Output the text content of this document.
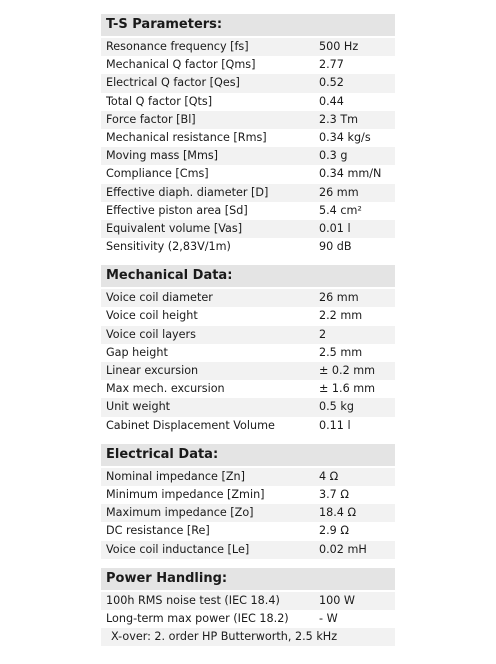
T-S Parameters:
Resonance frequency [fs]	500 Hz
Mechanical Q factor [Qms]	2.77
Electrical Q factor [Qes]	0.52
Total Q factor [Qts]	0.44
Force factor [Bl]	2.3 Tm
Mechanical resistance [Rms]	0.34 kg/s
Moving mass [Mms]	0.3 g
Compliance [Cms]	0.34 mm/N
Effective diaph. diameter [D]	26 mm
Effective piston area [Sd]	5.4 cm²
Equivalent volume [Vas]	0.01 l
Sensitivity (2,83V/1m)	90 dB
Mechanical Data:
Voice coil diameter	26 mm
Voice coil height	2.2 mm
Voice coil layers	2
Gap height	2.5 mm
Linear excursion	± 0.2 mm
Max mech. excursion	± 1.6 mm
Unit weight	0.5 kg
Cabinet Displacement Volume	0.11 l
Electrical Data:
Nominal impedance [Zn]	4 Ω
Minimum impedance [Zmin]	3.7 Ω
Maximum impedance [Zo]	18.4 Ω
DC resistance [Re]	2.9 Ω
Voice coil inductance [Le]	0.02 mH
Power Handling:
100h RMS noise test (IEC 18.4)	100 W
Long-term max power (IEC 18.2)	- W
X-over: 2. order HP Butterworth, 2.5 kHz
